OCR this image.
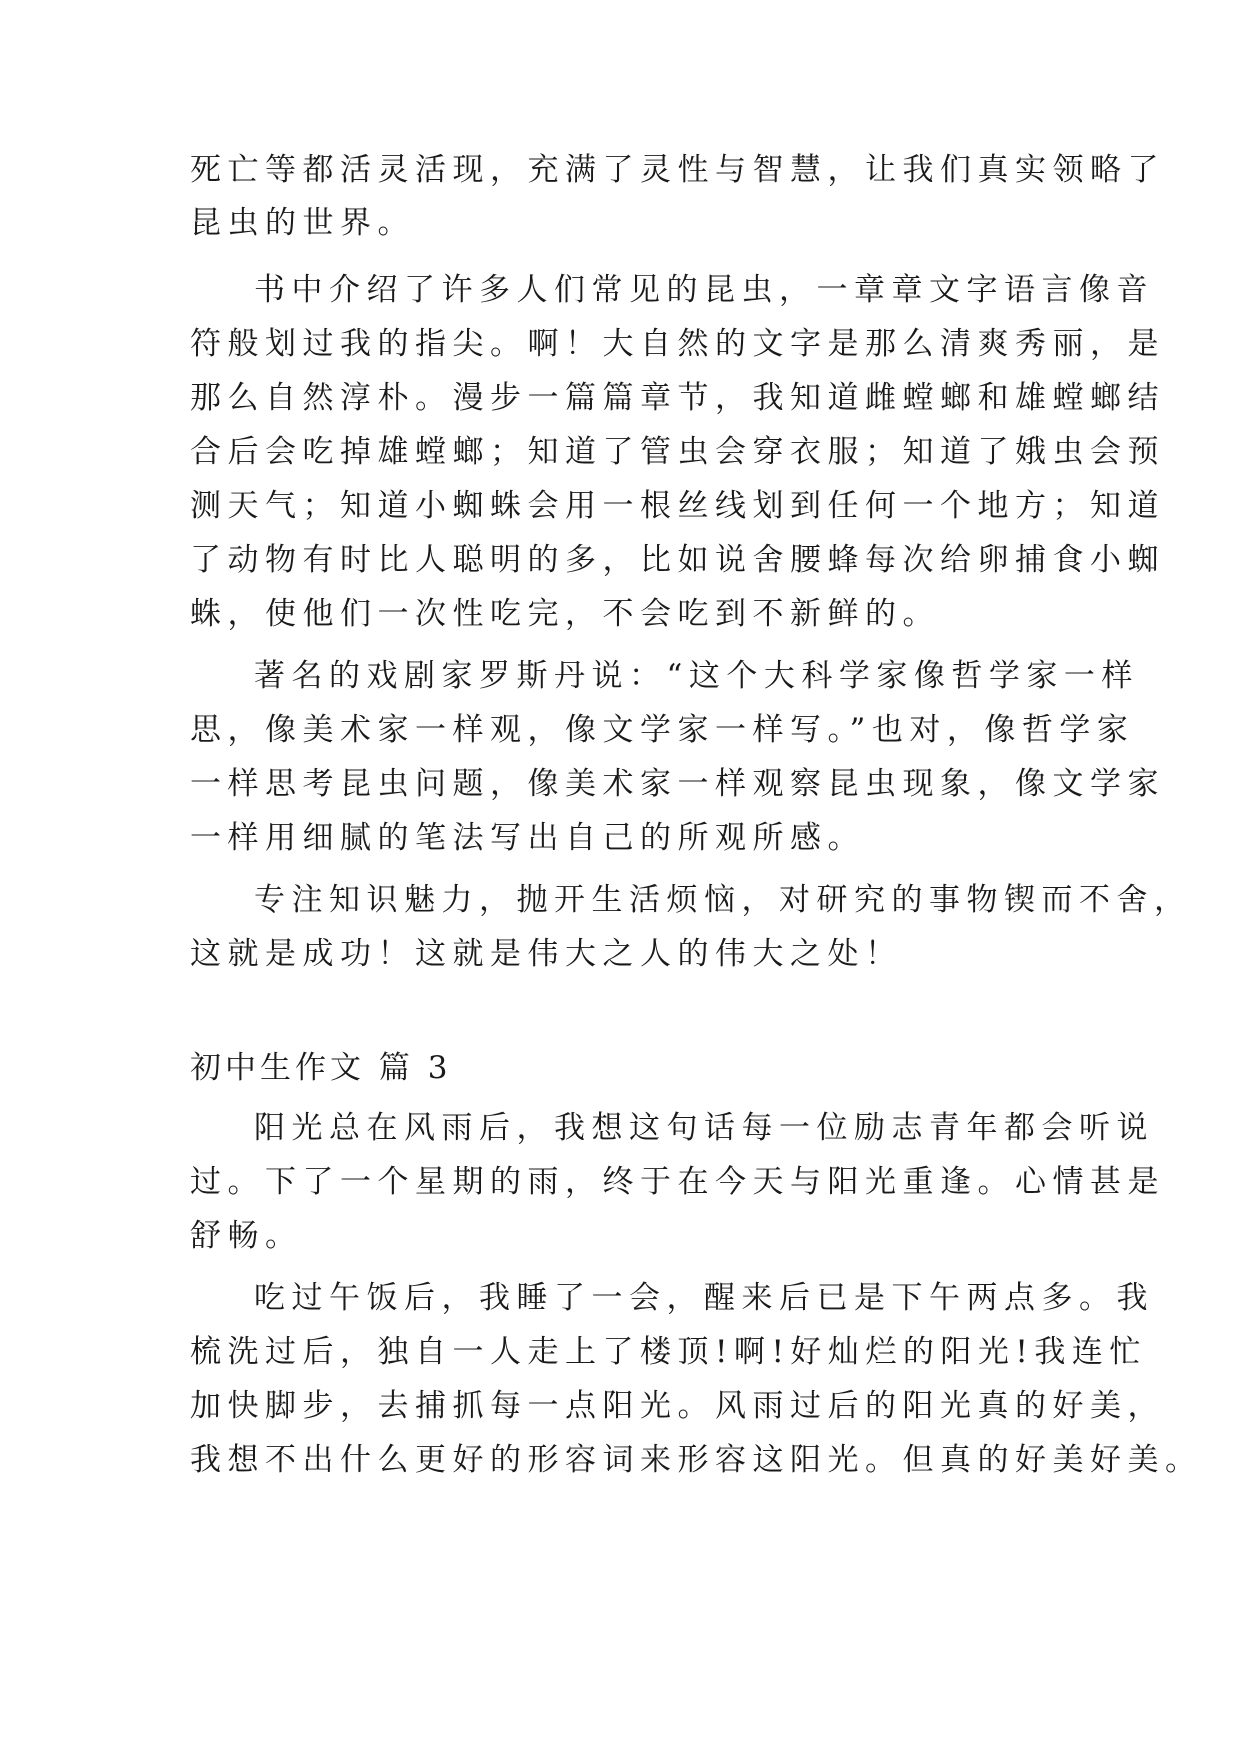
死亡等都活灵活现，充满了灵性与智慧，让我们真实领略了
昆虫的世界。
书中介绍了许多人们常见的昆虫，一章章文字语言像音
符般划过我的指尖。啊！大自然的文字是那么清爽秀丽，是
那么自然淳朴。漫步一篇篇章节，我知道雌螳螂和雄螳螂结
合后会吃掉雄螳螂；知道了管虫会穿衣服；知道了娥虫会预
测天气；知道小蜘蛛会用一根丝线划到任何一个地方；知道
了动物有时比人聪明的多，比如说舍腰蜂每次给卵捕食小蜘
蛛，使他们一次性吃完，不会吃到不新鲜的。
著名的戏剧家罗斯丹说：“这个大科学家像哲学家一样
思，像美术家一样观，像文学家一样写。”也对，像哲学家
一样思考昆虫问题，像美术家一样观察昆虫现象，像文学家
一样用细腻的笔法写出自己的所观所感。
专注知识魅力，抛开生活烦恼，对研究的事物锲而不舍，
这就是成功！这就是伟大之人的伟大之处！
初中生作文 篇 3
阳光总在风雨后，我想这句话每一位励志青年都会听说
过。下了一个星期的雨，终于在今天与阳光重逢。心情甚是
舒畅。
吃过午饭后，我睡了一会，醒来后已是下午两点多。我
梳洗过后，独自一人走上了楼顶!啊!好灿烂的阳光!我连忙
加快脚步，去捕抓每一点阳光。风雨过后的阳光真的好美，
我想不出什么更好的形容词来形容这阳光。但真的好美好美。
